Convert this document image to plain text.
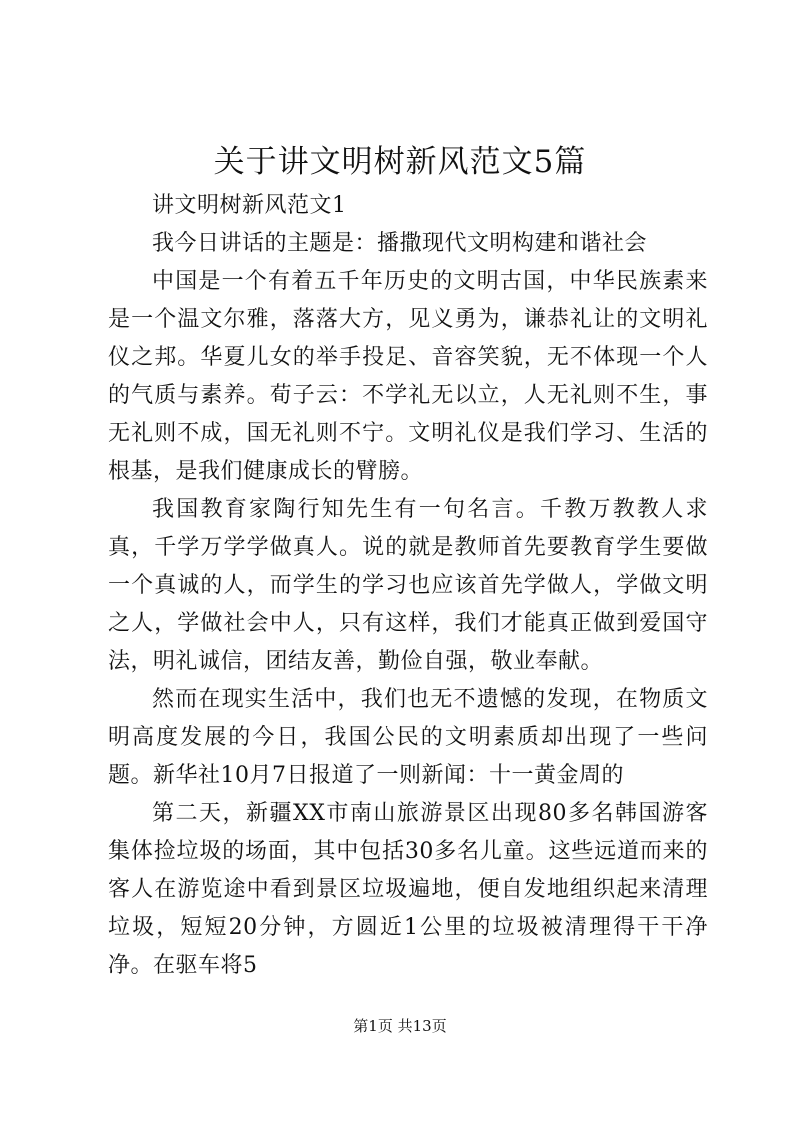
关于讲文明树新风范文5篇

讲文明树新风范文1

我今日讲话的主题是：播撒现代文明构建和谐社会

中国是一个有着五千年历史的文明古国，中华民族素来是一个温文尔雅，落落大方，见义勇为，谦恭礼让的文明礼仪之邦。华夏儿女的举手投足、音容笑貌，无不体现一个人的气质与素养。荀子云：不学礼无以立，人无礼则不生，事无礼则不成，国无礼则不宁。文明礼仪是我们学习、生活的根基，是我们健康成长的臂膀。

我国教育家陶行知先生有一句名言。千教万教教人求真，千学万学学做真人。说的就是教师首先要教育学生要做一个真诚的人，而学生的学习也应该首先学做人，学做文明之人，学做社会中人，只有这样，我们才能真正做到爱国守法，明礼诚信，团结友善，勤俭自强，敬业奉献。

然而在现实生活中，我们也无不遗憾的发现，在物质文明高度发展的今日，我国公民的文明素质却出现了一些问题。新华社10月7日报道了一则新闻：十一黄金周的

第二天，新疆XX市南山旅游景区出现80多名韩国游客集体捡垃圾的场面，其中包括30多名儿童。这些远道而来的客人在游览途中看到景区垃圾遍地，便自发地组织起来清理垃圾，短短20分钟，方圆近1公里的垃圾被清理得干干净净。在驱车将5

第1页 共13页
